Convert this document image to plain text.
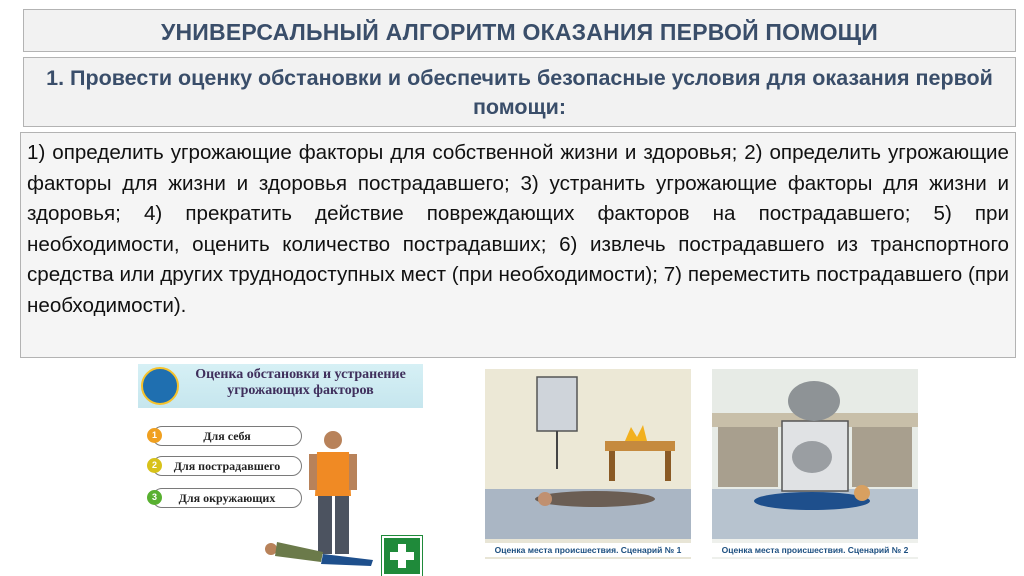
УНИВЕРСАЛЬНЫЙ АЛГОРИТМ ОКАЗАНИЯ ПЕРВОЙ ПОМОЩИ
1. Провести оценку обстановки и обеспечить безопасные условия для оказания первой помощи:
1) определить угрожающие факторы для собственной жизни и здоровья; 2) определить угрожающие факторы для жизни и здоровья пострадавшего; 3) устранить угрожающие факторы для жизни и здоровья; 4) прекратить действие повреждающих факторов на пострадавшего; 5) при необходимости, оценить количество пострадавших; 6) извлечь пострадавшего из транспортного средства или других труднодоступных мест (при необходимости); 7) переместить пострадавшего (при необходимости).
Оценка обстановки и устранение угрожающих факторов
1	Для себя
2	Для пострадавшего
3	Для окружающих
Оценка места происшествия. Сценарий № 1	Оценка места происшествия. Сценарий № 2
